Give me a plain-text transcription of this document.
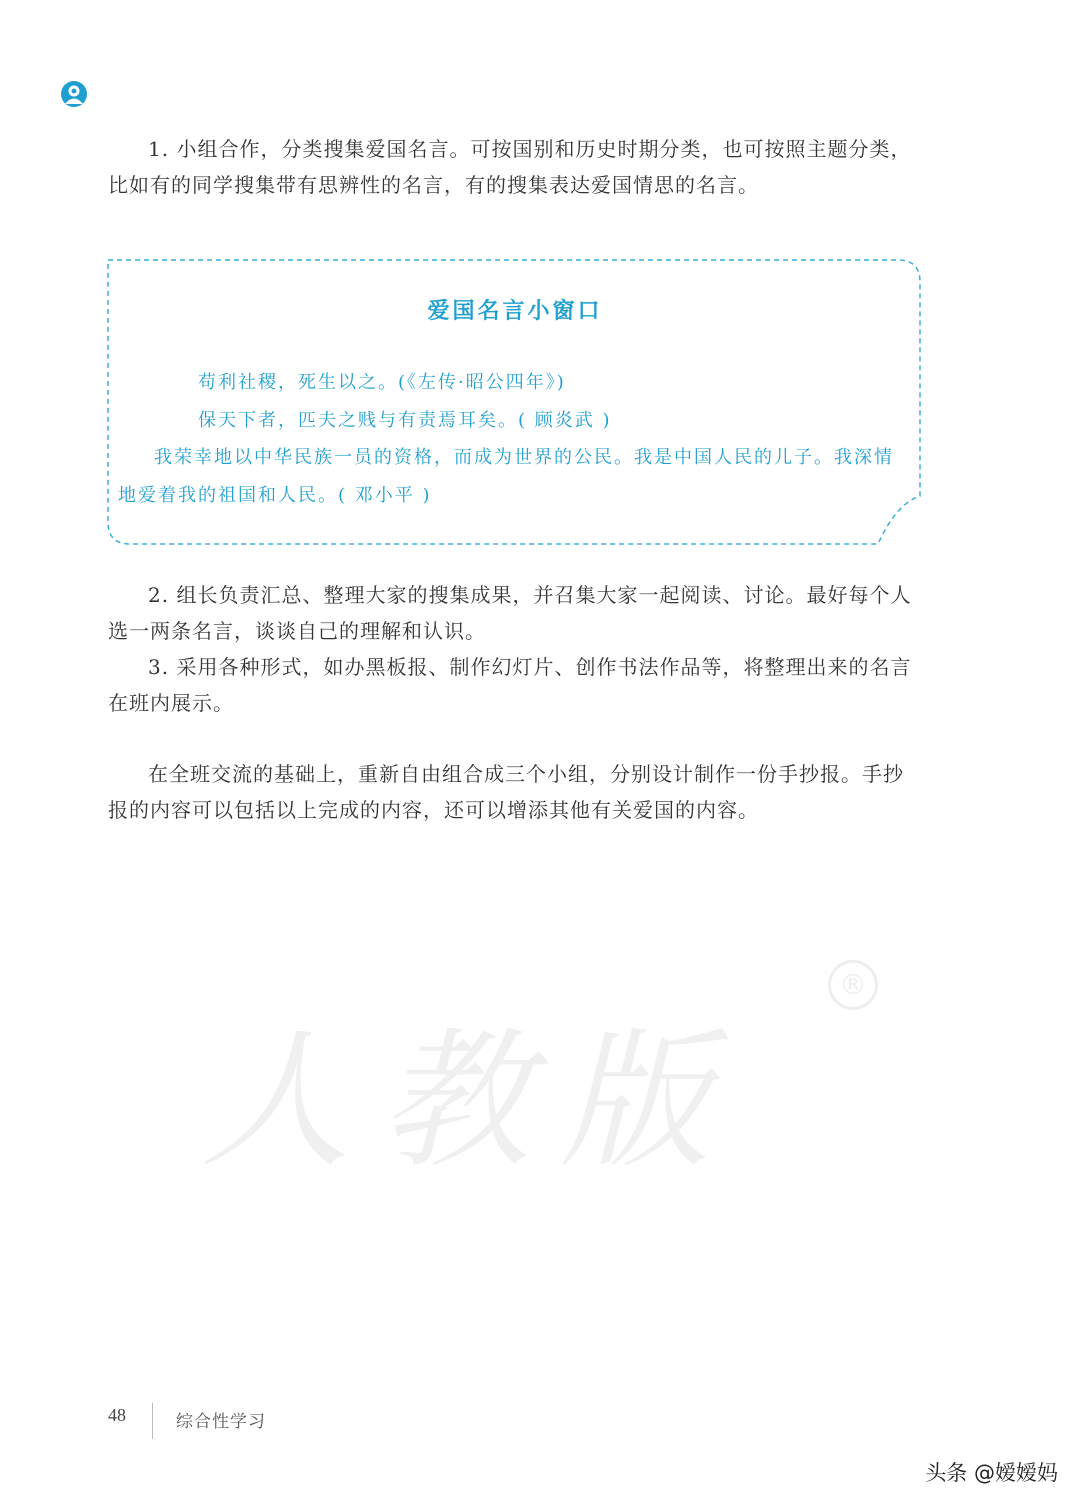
1. 小组合作，分类搜集爱国名言。可按国别和历史时期分类，也可按照主题分类，比如有的同学搜集带有思辨性的名言，有的搜集表达爱国情思的名言。

爱国名言小窗口
苟利社稷，死生以之。(《左传·昭公四年》)
保天下者，匹夫之贱与有责焉耳矣。( 顾炎武 )
我荣幸地以中华民族一员的资格，而成为世界的公民。我是中国人民的儿子。我深情地爱着我的祖国和人民。( 邓小平 )

2. 组长负责汇总、整理大家的搜集成果，并召集大家一起阅读、讨论。最好每个人选一两条名言，谈谈自己的理解和认识。

3. 采用各种形式，如办黑板报、制作幻灯片、创作书法作品等，将整理出来的名言在班内展示。

在全班交流的基础上，重新自由组合成三个小组，分别设计制作一份手抄报。手抄报的内容可以包括以上完成的内容，还可以增添其他有关爱国的内容。

人教版
®
48	综合性学习
头条 @嫒嫒妈
